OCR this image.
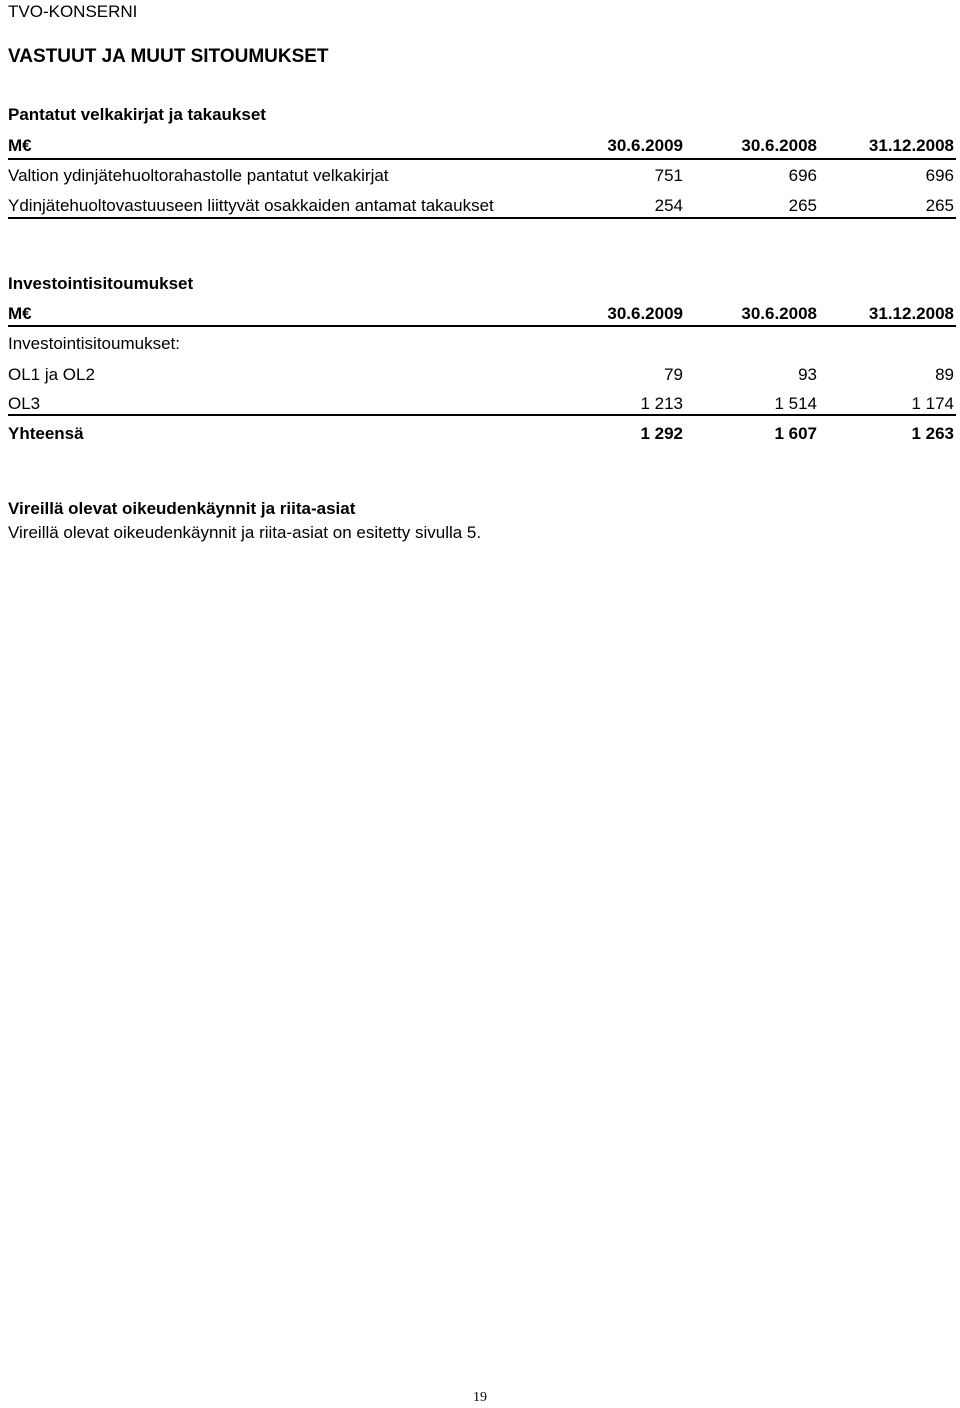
TVO-KONSERNI
VASTUUT JA MUUT SITOUMUKSET
Pantatut velkakirjat ja takaukset
M€	30.6.2009	30.6.2008	31.12.2008
Valtion ydinjätehuoltorahastolle pantatut velkakirjat	751	696	696
Ydinjätehuoltovastuuseen liittyvät osakkaiden antamat takaukset	254	265	265
Investointisitoumukset
M€	30.6.2009	30.6.2008	31.12.2008
Investointisitoumukset:
OL1 ja OL2	79	93	89
OL3	1 213	1 514	1 174
Yhteensä	1 292	1 607	1 263
Vireillä olevat oikeudenkäynnit ja riita-asiat
Vireillä olevat oikeudenkäynnit ja riita-asiat on esitetty sivulla 5.
19
